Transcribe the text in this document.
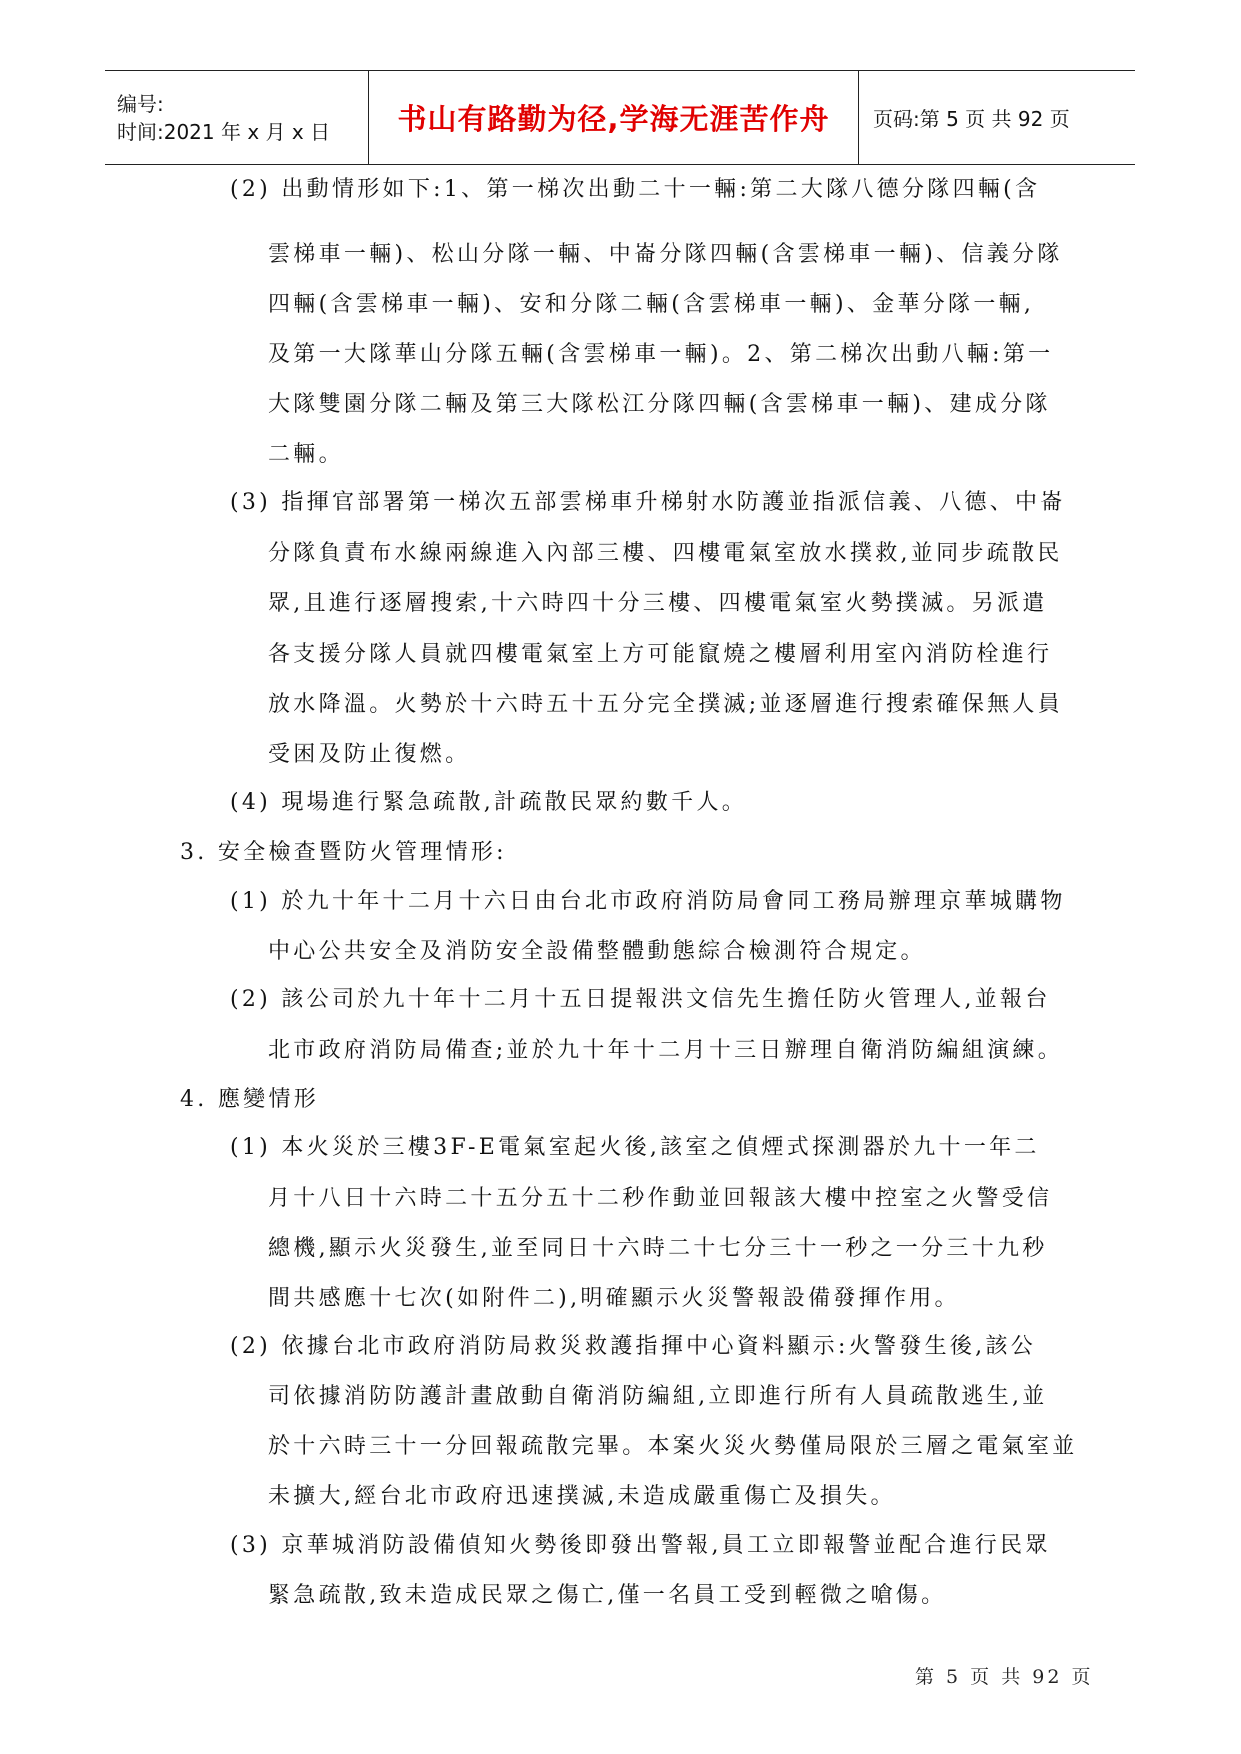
编号:
时间:2021 年 x 月 x 日	书山有路勤为径,学海无涯苦作舟 页码:第 5 页 共 92 页
(2) 出動情形如下:1、第一梯次出動二十一輛:第二大隊八德分隊四輛(含
雲梯車一輛)、松山分隊一輛、中崙分隊四輛(含雲梯車一輛)、信義分隊
四輛(含雲梯車一輛)、安和分隊二輛(含雲梯車一輛)、金華分隊一輛,
及第一大隊華山分隊五輛(含雲梯車一輛)。2、第二梯次出動八輛:第一
大隊雙園分隊二輛及第三大隊松江分隊四輛(含雲梯車一輛)、建成分隊
二輛。
(3) 指揮官部署第一梯次五部雲梯車升梯射水防護並指派信義、八德、中崙
分隊負責布水線兩線進入內部三樓、四樓電氣室放水撲救,並同步疏散民
眾,且進行逐層搜索,十六時四十分三樓、四樓電氣室火勢撲滅。另派遣
各支援分隊人員就四樓電氣室上方可能竄燒之樓層利用室內消防栓進行
放水降溫。火勢於十六時五十五分完全撲滅;並逐層進行搜索確保無人員
受困及防止復燃。
(4) 現場進行緊急疏散,計疏散民眾約數千人。
3. 安全檢查暨防火管理情形:
(1) 於九十年十二月十六日由台北市政府消防局會同工務局辦理京華城購物
中心公共安全及消防安全設備整體動態綜合檢測符合規定。
(2) 該公司於九十年十二月十五日提報洪文信先生擔任防火管理人,並報台
北市政府消防局備查;並於九十年十二月十三日辦理自衛消防編組演練。
4. 應變情形
(1) 本火災於三樓3F-E電氣室起火後,該室之偵煙式探測器於九十一年二
月十八日十六時二十五分五十二秒作動並回報該大樓中控室之火警受信
總機,顯示火災發生,並至同日十六時二十七分三十一秒之一分三十九秒
間共感應十七次(如附件二),明確顯示火災警報設備發揮作用。
(2) 依據台北市政府消防局救災救護指揮中心資料顯示:火警發生後,該公
司依據消防防護計畫啟動自衛消防編組,立即進行所有人員疏散逃生,並
於十六時三十一分回報疏散完畢。本案火災火勢僅局限於三層之電氣室並
未擴大,經台北市政府迅速撲滅,未造成嚴重傷亡及損失。
(3) 京華城消防設備偵知火勢後即發出警報,員工立即報警並配合進行民眾
緊急疏散,致未造成民眾之傷亡,僅一名員工受到輕微之嗆傷。
第 5 页 共 92 页
